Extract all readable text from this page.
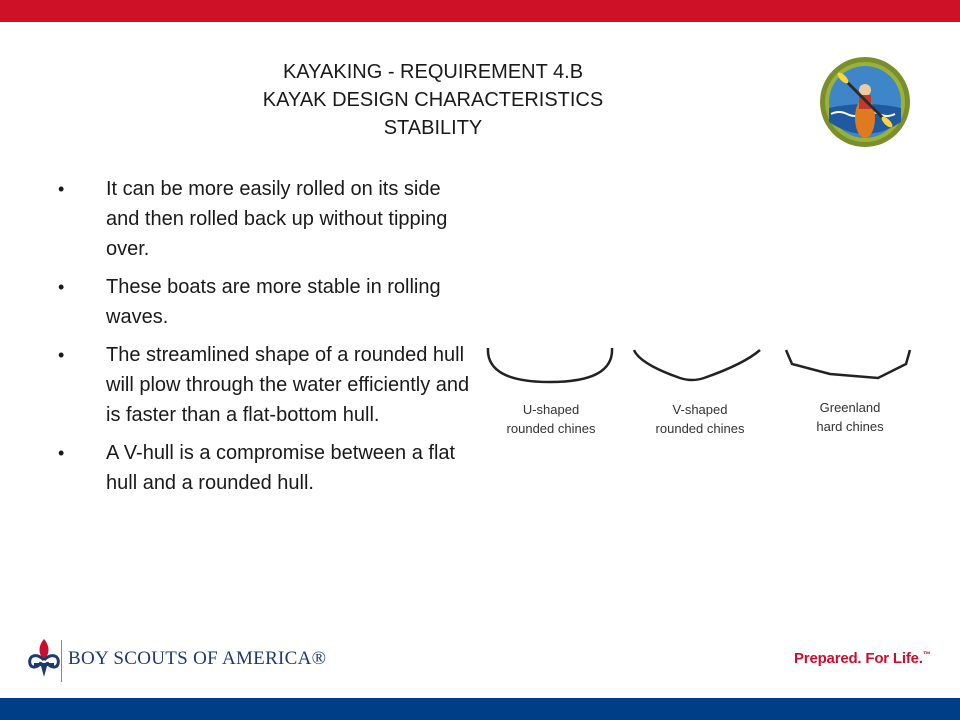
KAYAKING - REQUIREMENT 4.B
KAYAK DESIGN CHARACTERISTICS
STABILITY
• It can be more easily rolled on its side and then rolled back up without tipping over.
• These boats are more stable in rolling waves.
• The streamlined shape of a rounded hull will plow through the water efficiently and is faster than a flat-bottom hull.
• A V-hull is a compromise between a flat hull and a rounded hull.
U-shaped
rounded chines
V-shaped
rounded chines
Greenland
hard chines
BOY SCOUTS OF AMERICA®	Prepared. For Life.™
